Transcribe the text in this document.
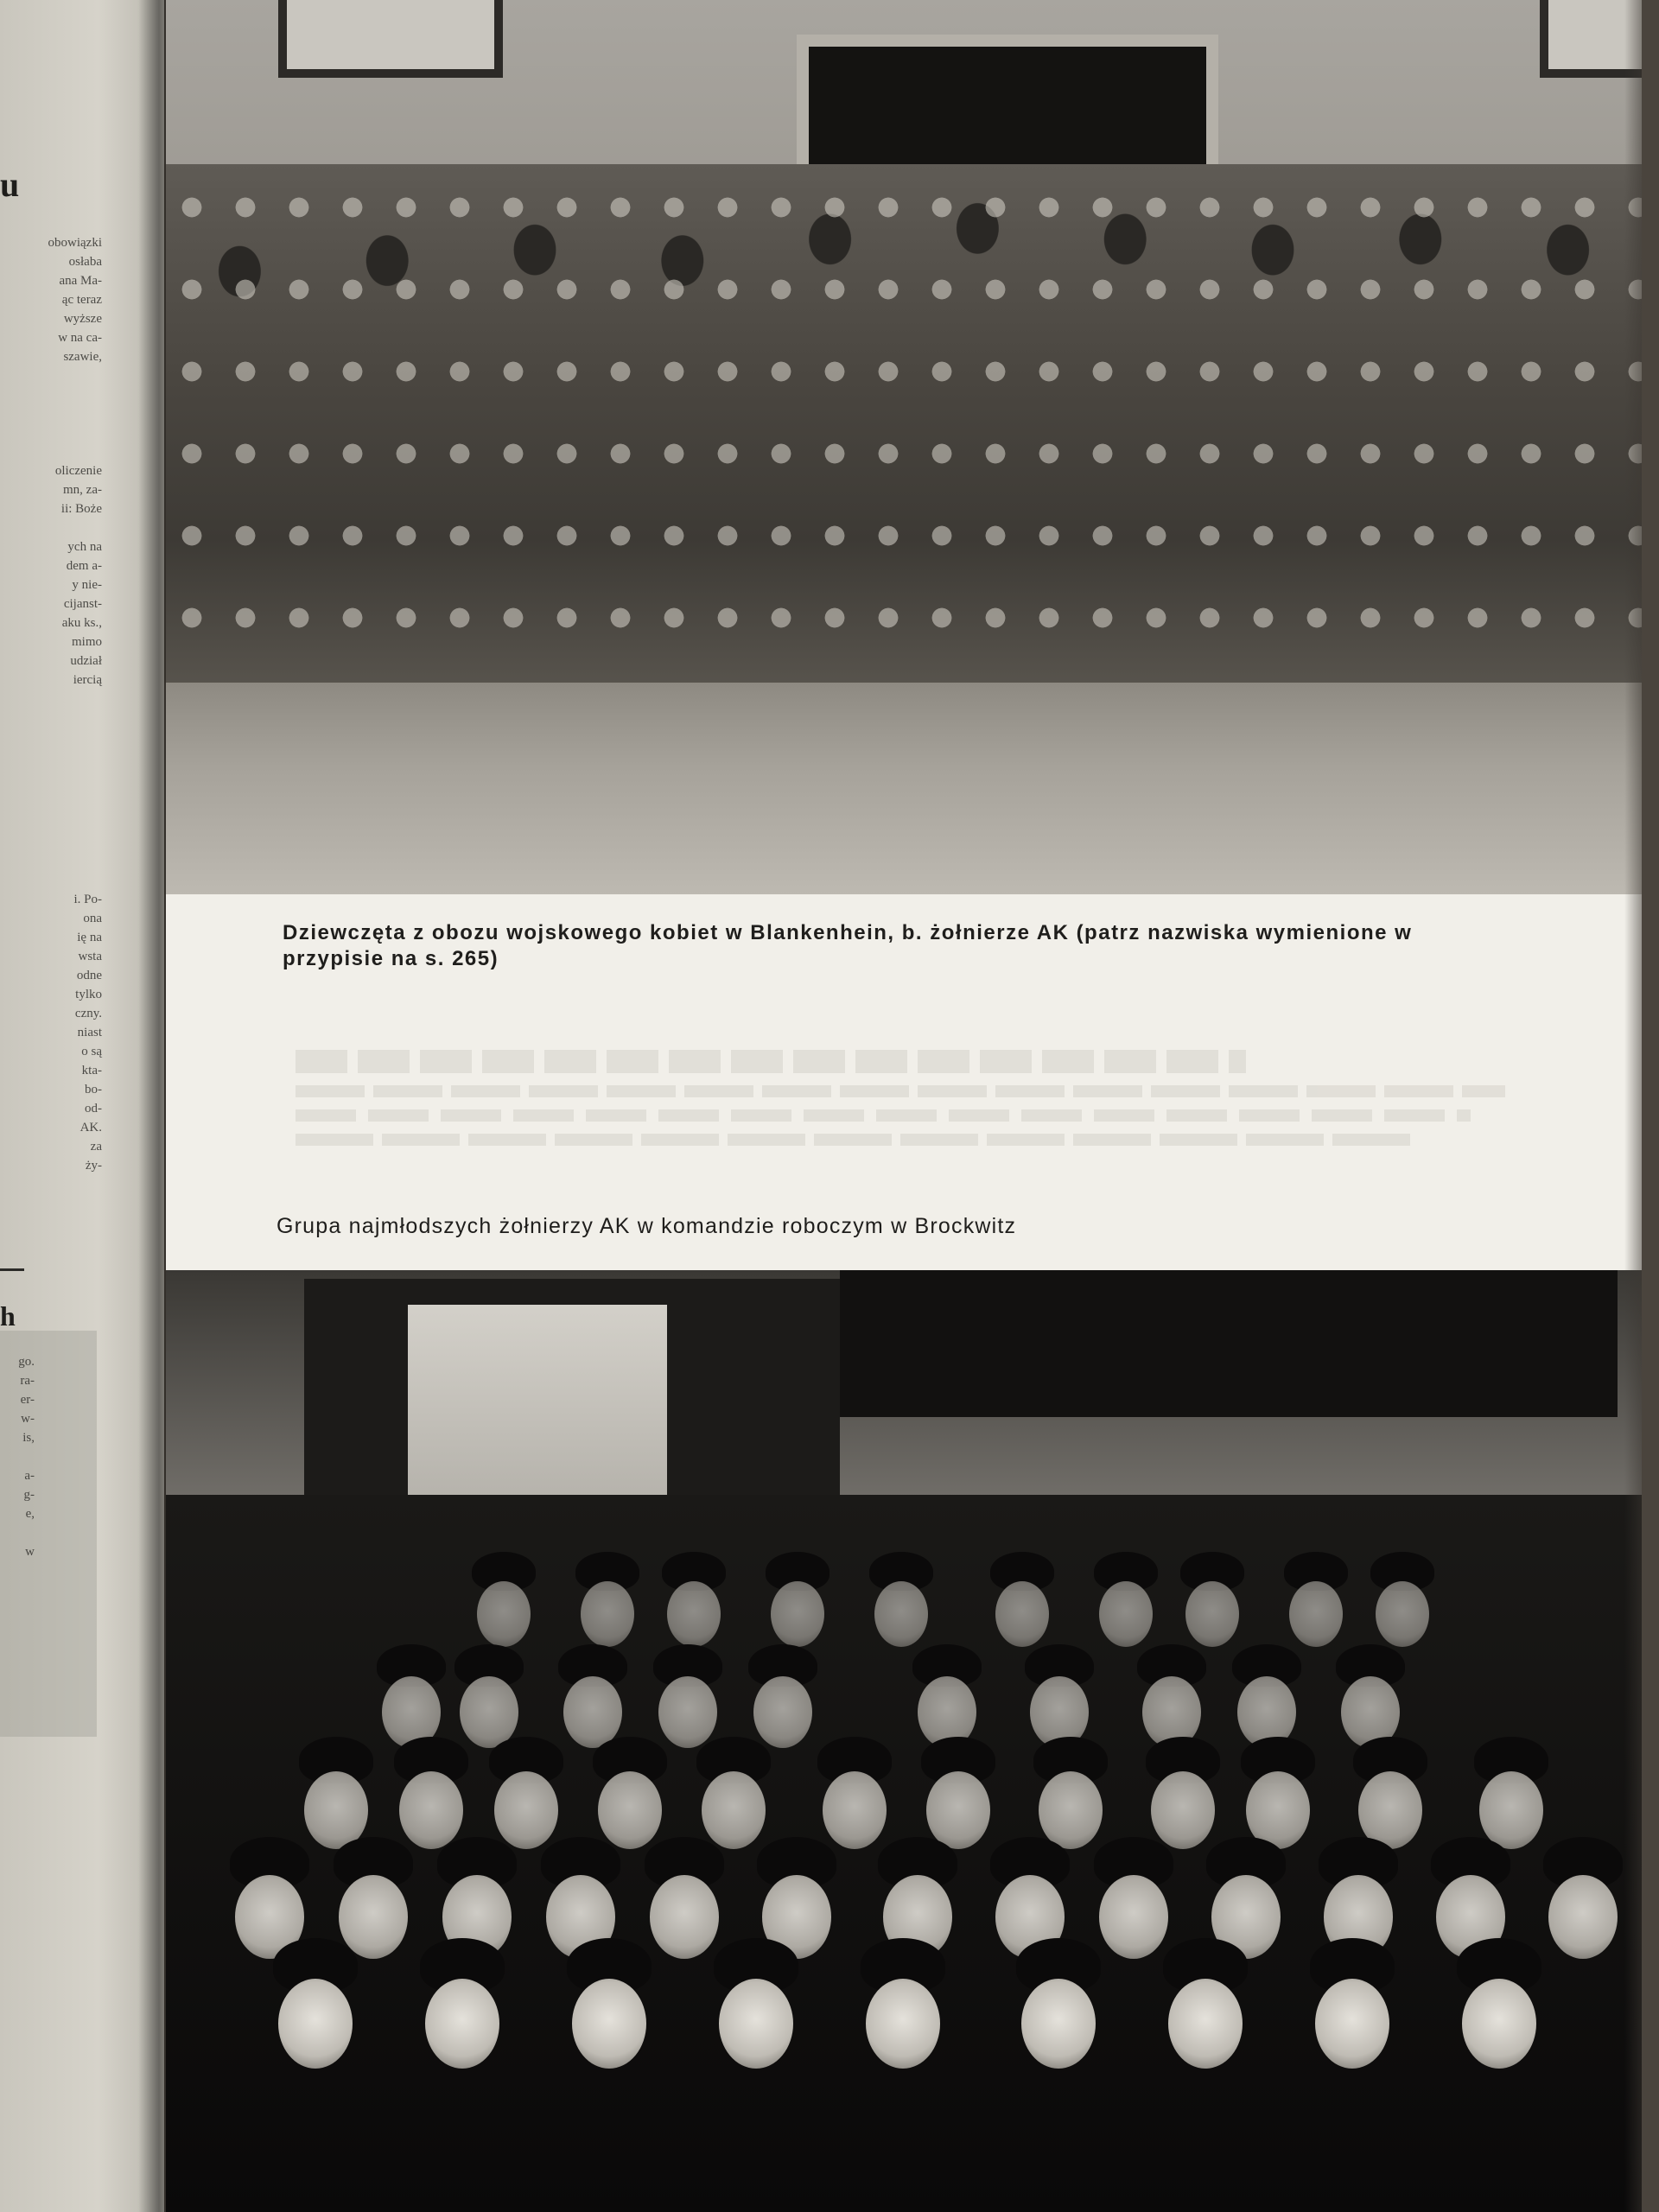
u
obowiązki
osłaba
ana Ma-
ąc teraz
wyższe
w na ca-
szawie,

oliczenie
mn, za-
ii: Boże

ych na
dem a-
y nie-
cijanst-
aku ks.,
mimo
udział
iercią
i. Po-
ona
ię na
wsta
odne
tylko
czny.
niast
o są
kta-
bo-
od-
AK.
za
ży-
h
go.
ra-
er-
w-
is,

a-
g-
e,

w
Dziewczęta z obozu wojskowego kobiet w Blankenhein, b. żołnierze AK (patrz nazwiska wymienione w przypisie na s. 265)
Grupa najmłodszych żołnierzy AK w komandzie roboczym w Brockwitz
